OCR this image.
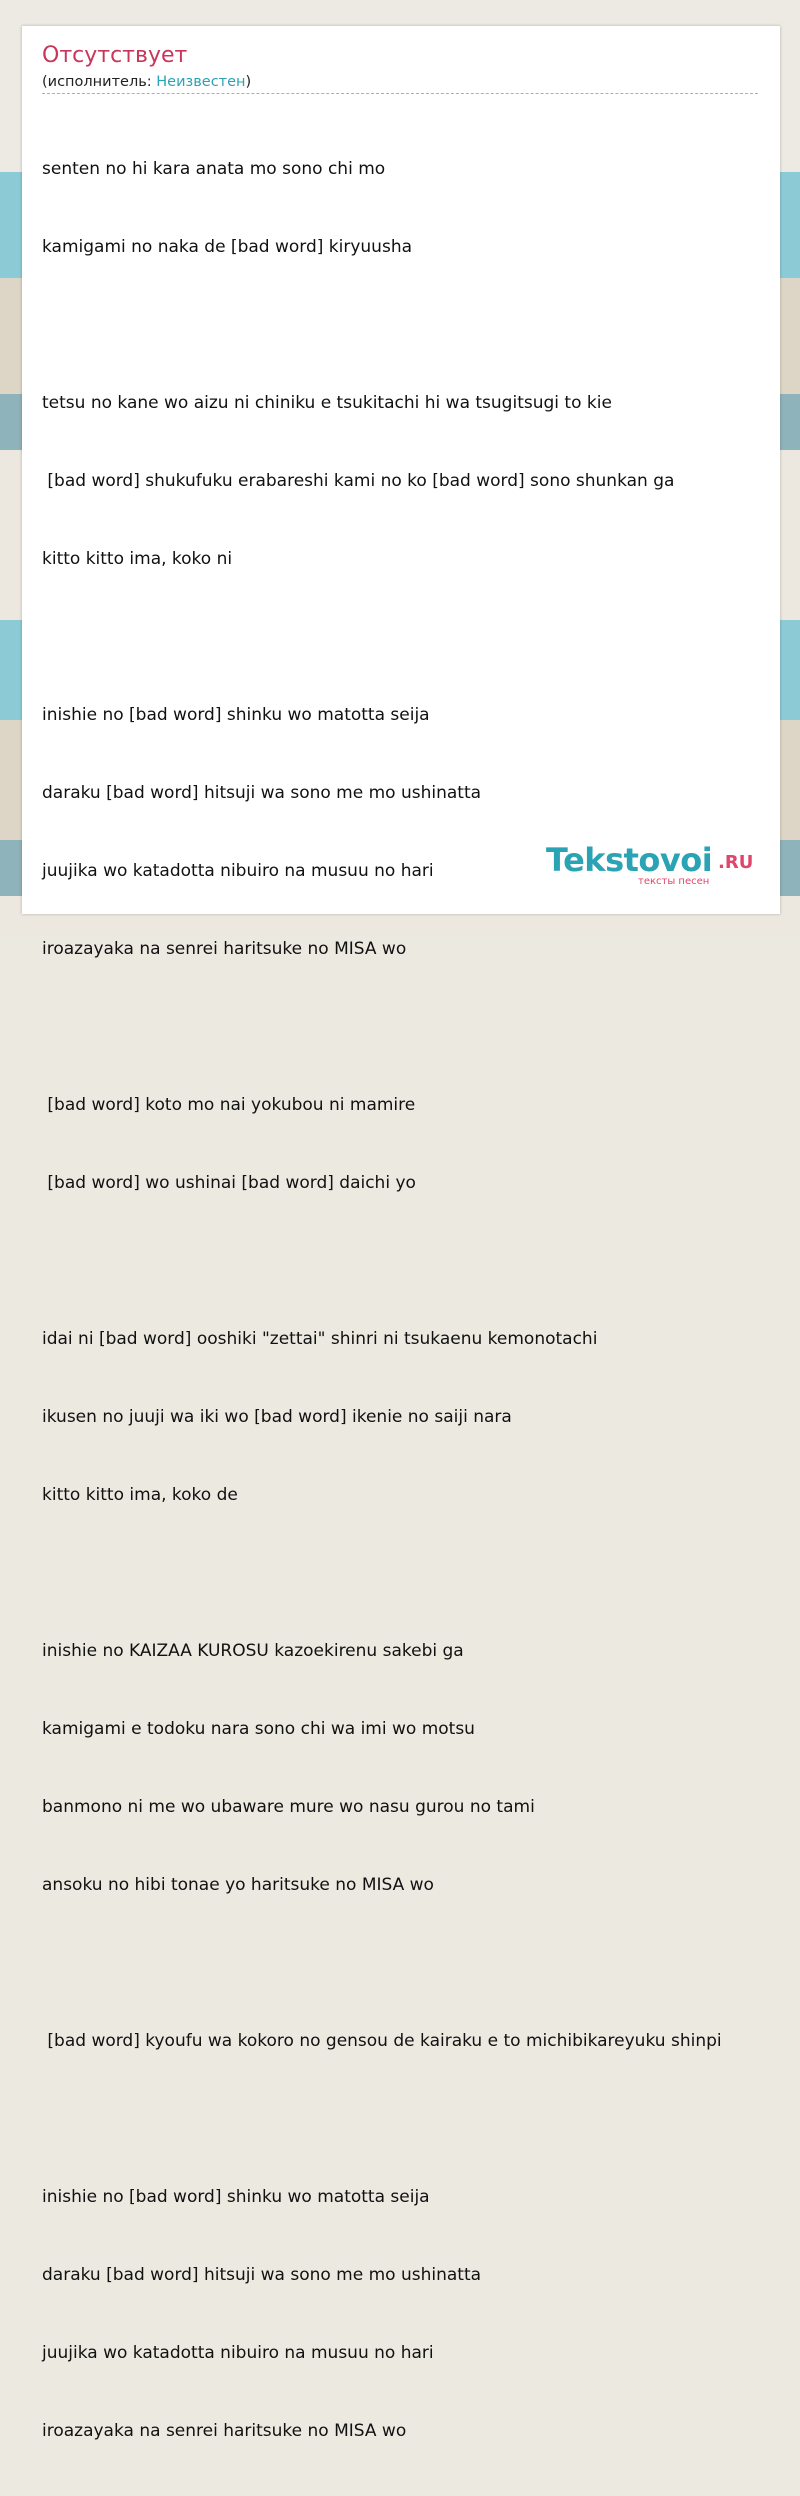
Отсутствует
(исполнитель: Неизвестен)

senten no hi kara anata mo sono chi mo

kamigami no naka de [bad word] kiryuusha

tetsu no kane wo aizu ni chiniku e tsukitachi hi wa tsugitsugi to kie

[bad word] shukufuku erabareshi kami no ko [bad word] sono shunkan ga

kitto kitto ima, koko ni

inishie no [bad word] shinku wo matotta seija

daraku [bad word] hitsuji wa sono me mo ushinatta

juujika wo katadotta nibuiro na musuu no hari

iroazayaka na senrei haritsuke no MISA wo

[bad word] koto mo nai yokubou ni mamire

[bad word] wo ushinai [bad word] daichi yo

idai ni [bad word] ooshiki "zettai" shinri ni tsukaenu kemonotachi

ikusen no juuji wa iki wo [bad word] ikenie no saiji nara

kitto kitto ima, koko de

inishie no KAIZAA KUROSU kazoekirenu sakebi ga

kamigami e todoku nara sono chi wa imi wo motsu

banmono ni me wo ubaware mure wo nasu gurou no tami

ansoku no hibi tonae yo haritsuke no MISA wo

[bad word] kyoufu wa kokoro no gensou de kairaku e to michibikareyuku shinpi

inishie no [bad word] shinku wo matotta seija

daraku [bad word] hitsuji wa sono me mo ushinatta

juujika wo katadotta nibuiro na musuu no hari

iroazayaka na senrei haritsuke no MISA wo

Tekstovoi .RU
тексты песен
